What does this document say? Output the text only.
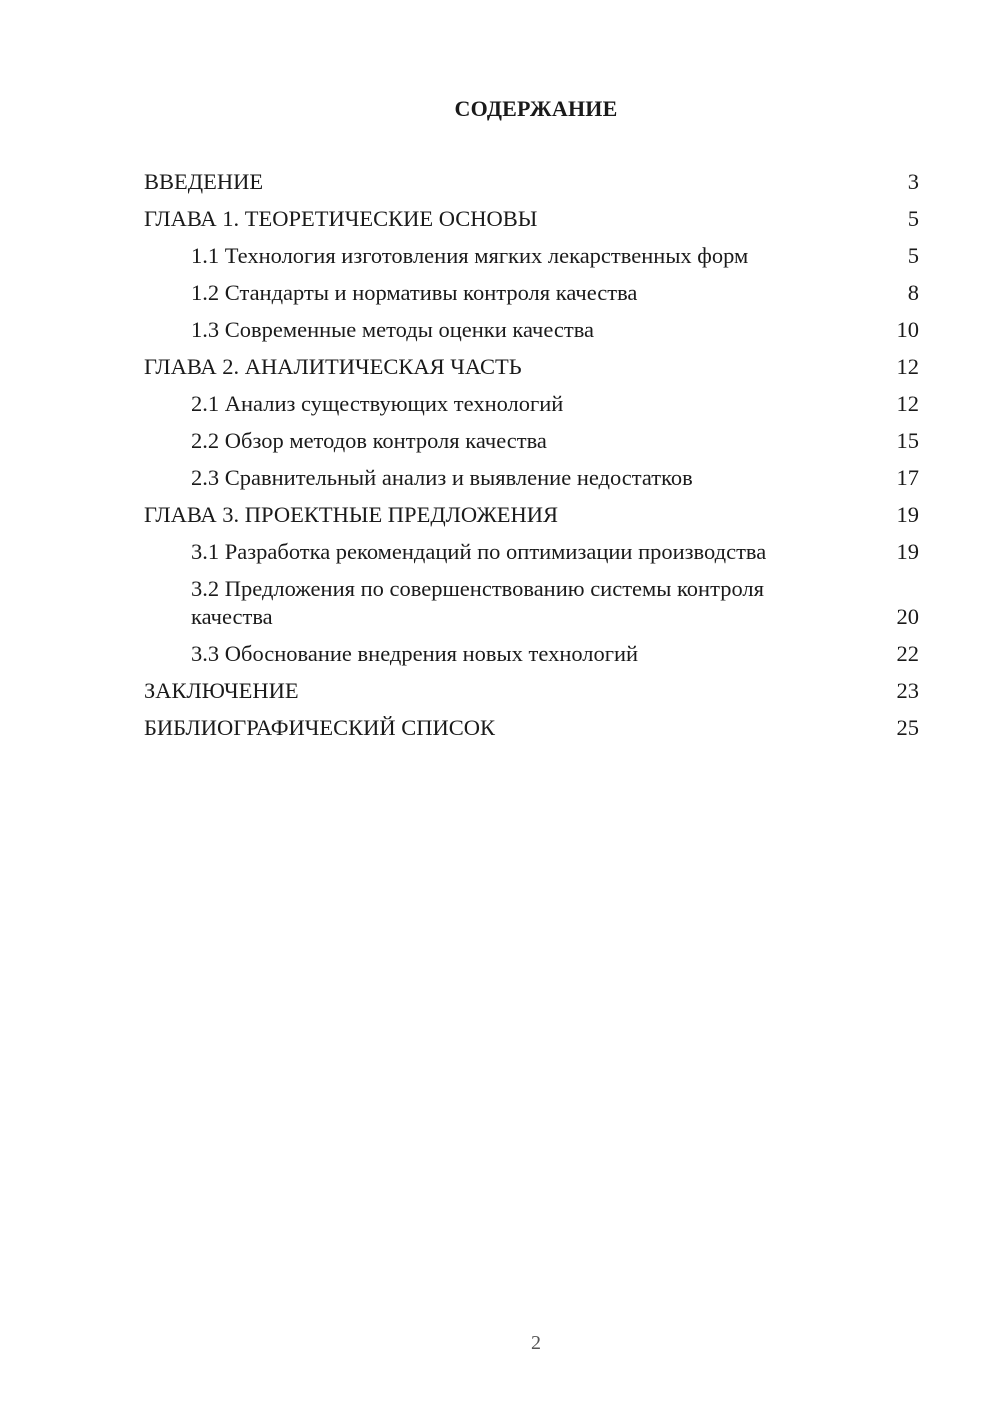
СОДЕРЖАНИЕ
ВВЕДЕНИЕ	3
ГЛАВА 1. ТЕОРЕТИЧЕСКИЕ ОСНОВЫ	5
1.1 Технология изготовления мягких лекарственных форм	5
1.2 Стандарты и нормативы контроля качества	8
1.3 Современные методы оценки качества	10
ГЛАВА 2. АНАЛИТИЧЕСКАЯ ЧАСТЬ	12
2.1 Анализ существующих технологий	12
2.2 Обзор методов контроля качества	15
2.3 Сравнительный анализ и выявление недостатков	17
ГЛАВА 3. ПРОЕКТНЫЕ ПРЕДЛОЖЕНИЯ	19
3.1 Разработка рекомендаций по оптимизации производства	19
3.2 Предложения по совершенствованию системы контроля качества	20
3.3 Обоснование внедрения новых технологий	22
ЗАКЛЮЧЕНИЕ	23
БИБЛИОГРАФИЧЕСКИЙ СПИСОК	25
2
